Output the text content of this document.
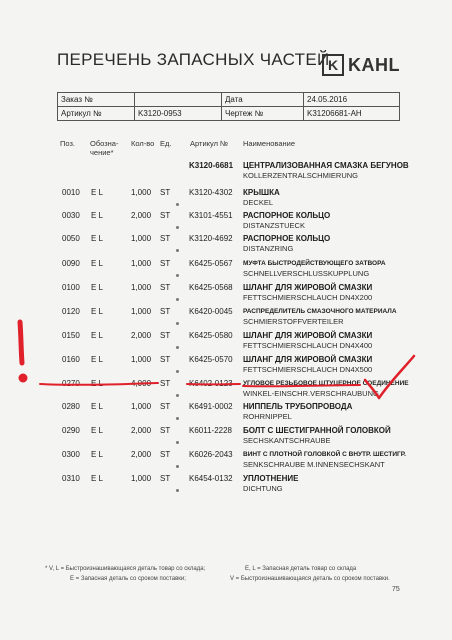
ПЕРЕЧЕНЬ ЗАПАСНЫХ ЧАСТЕЙ
K KAHL
Заказ №		Дата	24.05.2016
Артикул №	K3120-0953	Чертеж №	K31206681-AH
Поз. Обозна-
чение*
Кол-во Ед. Артикул № Наименование
K3120-6681 ЦЕНТРАЛИЗОВАННАЯ СМАЗКА БЕГУНОВ
KOLLERZENTRALSCHMIERUNG
0010 E L	1,000 ST K3120-4302 КРЫШКА
DECKEL
0030 E L	2,000 ST K3101-4551 РАСПОРНОЕ КОЛЬЦО
DISTANZSTUECK
0050 E L	1,000 ST K3120-4692 РАСПОРНОЕ КОЛЬЦО
DISTANZRING
0090 E L	1,000 ST K6425-0567 МУФТА БЫСТРОДЕЙСТВУЮЩЕГО ЗАТВОРА
SCHNELLVERSCHLUSSKUPPLUNG
0100 E L	1,000 ST K6425-0568 ШЛАНГ ДЛЯ ЖИРОВОЙ СМАЗКИ
FETTSCHMIERSCHLAUCH DN4X200
0120 E L	1,000 ST K6420-0045 РАСПРЕДЕЛИТЕЛЬ СМАЗОЧНОГО МАТЕРИАЛА
SCHMIERSTOFFVERTEILER
0150 E L	2,000 ST K6425-0580 ШЛАНГ ДЛЯ ЖИРОВОЙ СМАЗКИ
FETTSCHMIERSCHLAUCH DN4X400
0160 E L	1,000 ST K6425-0570 ШЛАНГ ДЛЯ ЖИРОВОЙ СМАЗКИ
FETTSCHMIERSCHLAUCH DN4X500
0270 E L	4,000 ST K6402-0123 УГЛОВОЕ РЕЗЬБОВОЕ ШТУЦЕРНОЕ СОЕДИНЕНИЕ
WINKEL-EINSCHR.VERSCHRAUBUNG
0280 E L	1,000 ST K6491-0002 НИППЕЛЬ ТРУБОПРОВОДА
ROHRNIPPEL
0290 E L	2,000 ST K6011-2228 БОЛТ С ШЕСТИГРАННОЙ ГОЛОВКОЙ
SECHSKANTSCHRAUBE
0300 E L	2,000 ST K6026-2043 ВИНТ С ПЛОТНОЙ ГОЛОВКОЙ С ВНУТР. ШЕСТИГР.
SENKSCHRAUBE M.INNENSECHSKANT
0310 E L	1,000 ST K6454-0132 УПЛОТНЕНИЕ
DICHTUNG
* V, L = Быстроизнашивающаяся деталь товар со склада;	E, L = Запасная деталь товар со склада
E = Запасная деталь со сроком поставки;	V = Быстроизнашивающаяся деталь со сроком поставки.
75
